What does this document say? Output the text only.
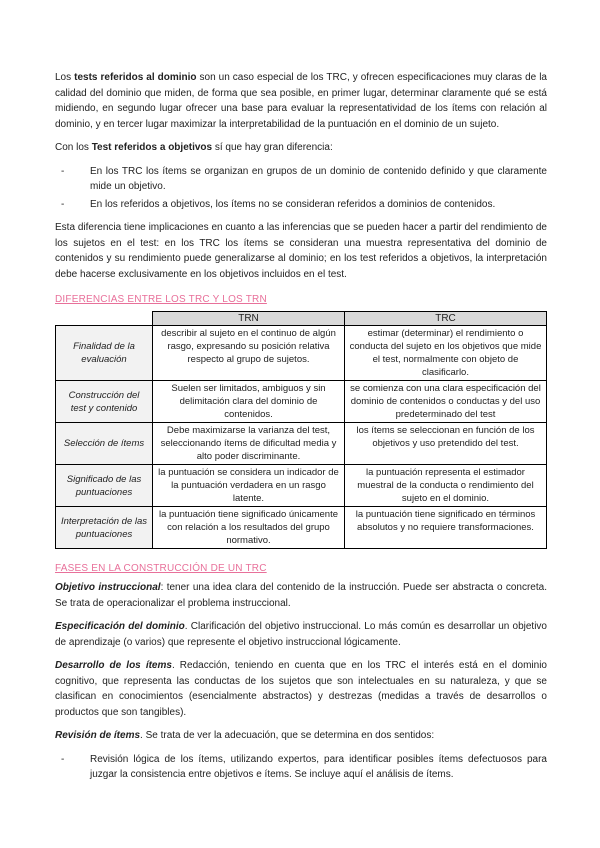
Los tests referidos al dominio son un caso especial de los TRC, y ofrecen especificaciones muy claras de la calidad del dominio que miden, de forma que sea posible, en primer lugar, determinar claramente qué se está midiendo, en segundo lugar ofrecer una base para evaluar la representatividad de los ítems con relación al dominio, y en tercer lugar maximizar la interpretabilidad de la puntuación en el dominio de un sujeto.

Con los Test referidos a objetivos sí que hay gran diferencia:

-	En los TRC los ítems se organizan en grupos de un dominio de contenido definido y que claramente mide un objetivo.
-	En los referidos a objetivos, los ítems no se consideran referidos a dominios de contenidos.

Esta diferencia tiene implicaciones en cuanto a las inferencias que se pueden hacer a partir del rendimiento de los sujetos en el test: en los TRC los ítems se consideran una muestra representativa del dominio de contenidos y su rendimiento puede generalizarse al dominio; en los test referidos a objetivos, la interpretación debe hacerse exclusivamente en los objetivos incluidos en el test.

DIFERENCIAS ENTRE LOS TRC Y LOS TRN
	TRN	TRC
Finalidad de la evaluación	describir al sujeto en el continuo de algún rasgo, expresando su posición relativa respecto al grupo de sujetos.	estimar (determinar) el rendimiento o conducta del sujeto en los objetivos que mide el test, normalmente con objeto de clasificarlo.
Construcción del test y contenido	Suelen ser limitados, ambiguos y sin delimitación clara del dominio de contenidos.	se comienza con una clara especificación del dominio de contenidos o conductas y del uso predeterminado del test
Selección de ítems	Debe maximizarse la varianza del test, seleccionando ítems de dificultad media y alto poder discriminante.	los ítems se seleccionan en función de los objetivos y uso pretendido del test.
Significado de las puntuaciones	la puntuación se considera un indicador de la puntuación verdadera en un rasgo latente.	la puntuación representa el estimador muestral de la conducta o rendimiento del sujeto en el dominio.
Interpretación de las puntuaciones	la puntuación tiene significado únicamente con relación a los resultados del grupo normativo.	la puntuación tiene significado en términos absolutos y no requiere transformaciones.
FASES EN LA CONSTRUCCIÓN DE UN TRC

Objetivo instruccional: tener una idea clara del contenido de la instrucción. Puede ser abstracta o concreta. Se trata de operacionalizar el problema instruccional.

Especificación del dominio. Clarificación del objetivo instruccional. Lo más común es desarrollar un objetivo de aprendizaje (o varios) que represente el objetivo instruccional lógicamente.

Desarrollo de los ítems. Redacción, teniendo en cuenta que en los TRC el interés está en el dominio cognitivo, que representa las conductas de los sujetos que son intelectuales en su naturaleza, y que se clasifican en conocimientos (esencialmente abstractos) y destrezas (medidas a través de desarrollos o productos que son tangibles).

Revisión de ítems. Se trata de ver la adecuación, que se determina en dos sentidos:

-	Revisión lógica de los ítems, utilizando expertos, para identificar posibles ítems defectuosos para juzgar la consistencia entre objetivos e ítems. Se incluye aquí el análisis de ítems.
